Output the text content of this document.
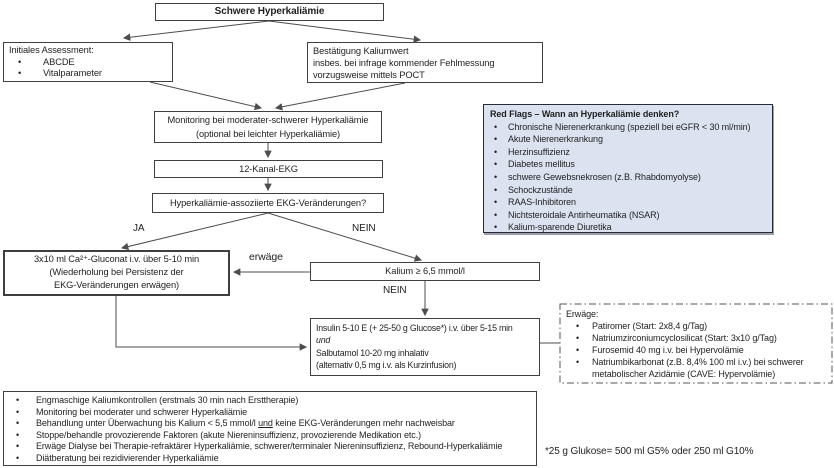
Schwere Hyperkaliämie
Initiales Assessment:
• ABCDE
• Vitalparameter
Bestätigung Kaliumwert
insbes. bei infrage kommender Fehlmessung
vorzugsweise mittels POCT
Monitoring bei moderater-schwerer Hyperkaliämie
(optional bei leichter Hyperkaliämie)
12-Kanal-EKG
Hyperkaliämie-assoziierte EKG-Veränderungen?
JA	NEIN
erwäge
NEIN
3x10 ml Ca²⁺-Gluconat i.v. über 5-10 min
(Wiederholung bei Persistenz der
EKG-Veränderungen erwägen)
Kalium ≥ 6,5 mmol/l
Insulin 5-10 E (+ 25-50 g Glucose*) i.v. über 5-15 min
und
Salbutamol 10-20 mg inhalativ
(alternativ 0,5 mg i.v. als Kurzinfusion)
Erwäge:
• Patiromer (Start: 2x8,4 g/Tag)
• Natriumzirconiumcyclosilicat (Start: 3x10 g/Tag)
• Furosemid 40 mg i.v. bei Hypervolämie
• Natriumbikarbonat (z.B. 8,4% 100 ml i.v.) bei schwerer metabolischer Azidämie (CAVE: Hypervolämie)
Red Flags – Wann an Hyperkaliämie denken?
• Chronische Nierenerkrankung (speziell bei eGFR < 30 ml/min)
• Akute Nierenerkrankung
• Herzinsuffizienz
• Diabetes mellitus
• schwere Gewebsnekrosen (z.B. Rhabdomyolyse)
• Schockzustände
• RAAS-Inhibitoren
• Nichtsteroidale Antirheumatika (NSAR)
• Kalium-sparende Diuretika
• Engmaschige Kaliumkontrollen (erstmals 30 min nach Ersttherapie)
• Monitoring bei moderater und schwerer Hyperkaliämie
• Behandlung unter Überwachung bis Kalium < 5,5 mmol/l und keine EKG-Veränderungen mehr nachweisbar
• Stoppe/behandle provozierende Faktoren (akute Niereninsuffizienz, provozierende Medikation etc.)
• Erwäge Dialyse bei Therapie-refraktärer Hyperkaliämie, schwerer/terminaler Niereninsuffizienz, Rebound-Hyperkaliämie
• Diätberatung bei rezidivierender Hyperkaliämie
*25 g Glukose= 500 ml G5% oder 250 ml G10%
